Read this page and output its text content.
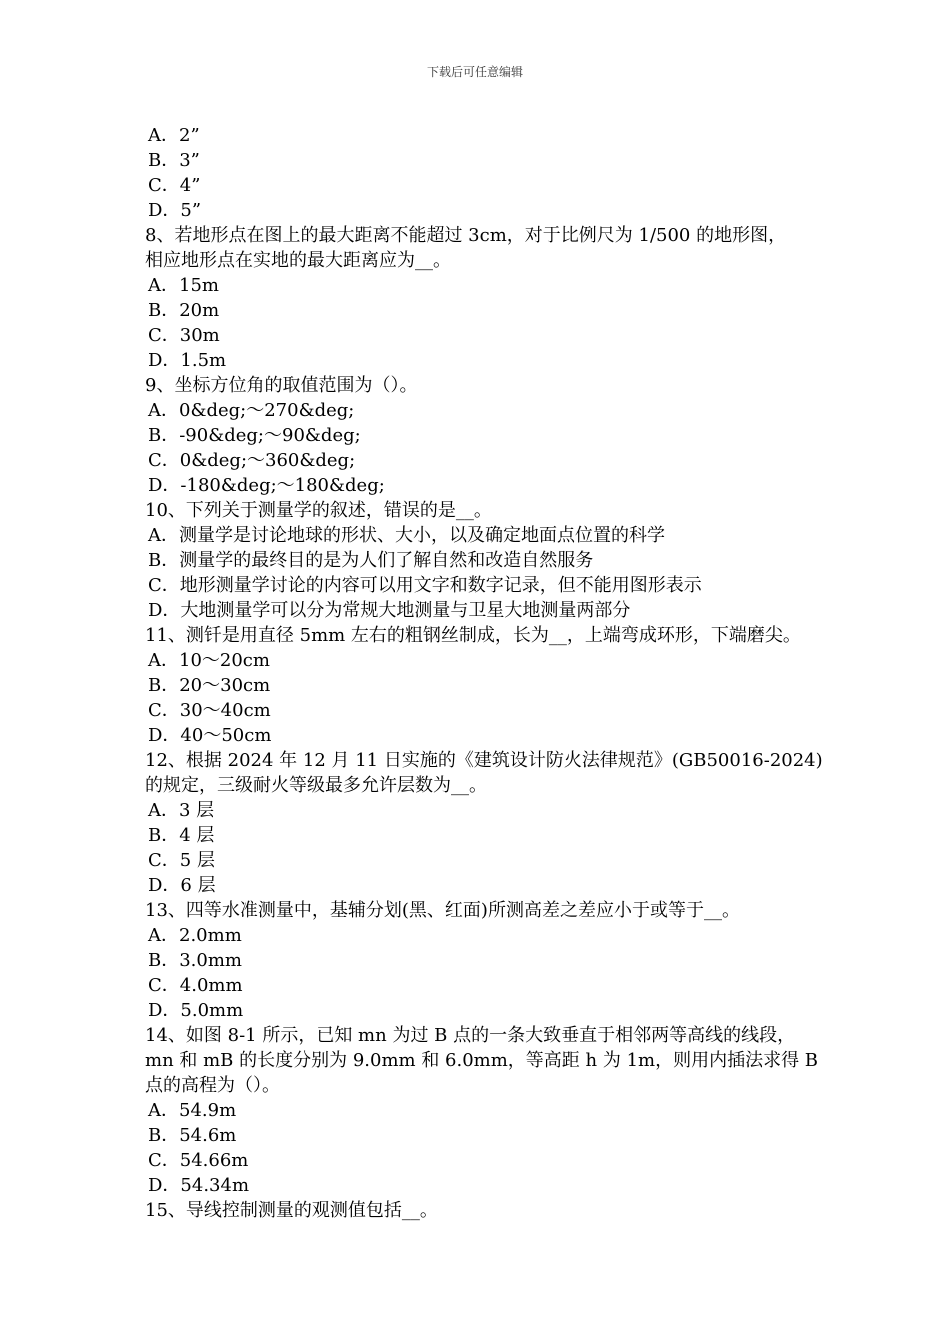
下载后可任意编辑
A．2”
B．3”
C．4”
D．5”
8、若地形点在图上的最大距离不能超过 3cm，对于比例尺为 1/500 的地形图，
相应地形点在实地的最大距离应为__。
A．15m
B．20m
C．30m
D．1.5m
9、坐标方位角的取值范围为（）。
A．0&deg;～270&deg;
B．-90&deg;～90&deg;
C．0&deg;～360&deg;
D．-180&deg;～180&deg;
10、下列关于测量学的叙述，错误的是__。
A．测量学是讨论地球的形状、大小，以及确定地面点位置的科学
B．测量学的最终目的是为人们了解自然和改造自然服务
C．地形测量学讨论的内容可以用文字和数字记录，但不能用图形表示
D．大地测量学可以分为常规大地测量与卫星大地测量两部分
11、测钎是用直径 5mm 左右的粗钢丝制成，长为__，上端弯成环形，下端磨尖。
A．10～20cm
B．20～30cm
C．30～40cm
D．40～50cm
12、根据 2024 年 12 月 11 日实施的《建筑设计防火法律规范》(GB50016-2024)
的规定，三级耐火等级最多允许层数为__。
A．3 层
B．4 层
C．5 层
D．6 层
13、四等水准测量中，基辅分划(黑、红面)所测高差之差应小于或等于__。
A．2.0mm
B．3.0mm
C．4.0mm
D．5.0mm
14、如图 8-1 所示，已知 mn 为过 B 点的一条大致垂直于相邻两等高线的线段，
mn 和 mB 的长度分别为 9.0mm 和 6.0mm，等高距 h 为 1m，则用内插法求得 B
点的高程为（）。
A．54.9m
B．54.6m
C．54.66m
D．54.34m
15、导线控制测量的观测值包括__。
